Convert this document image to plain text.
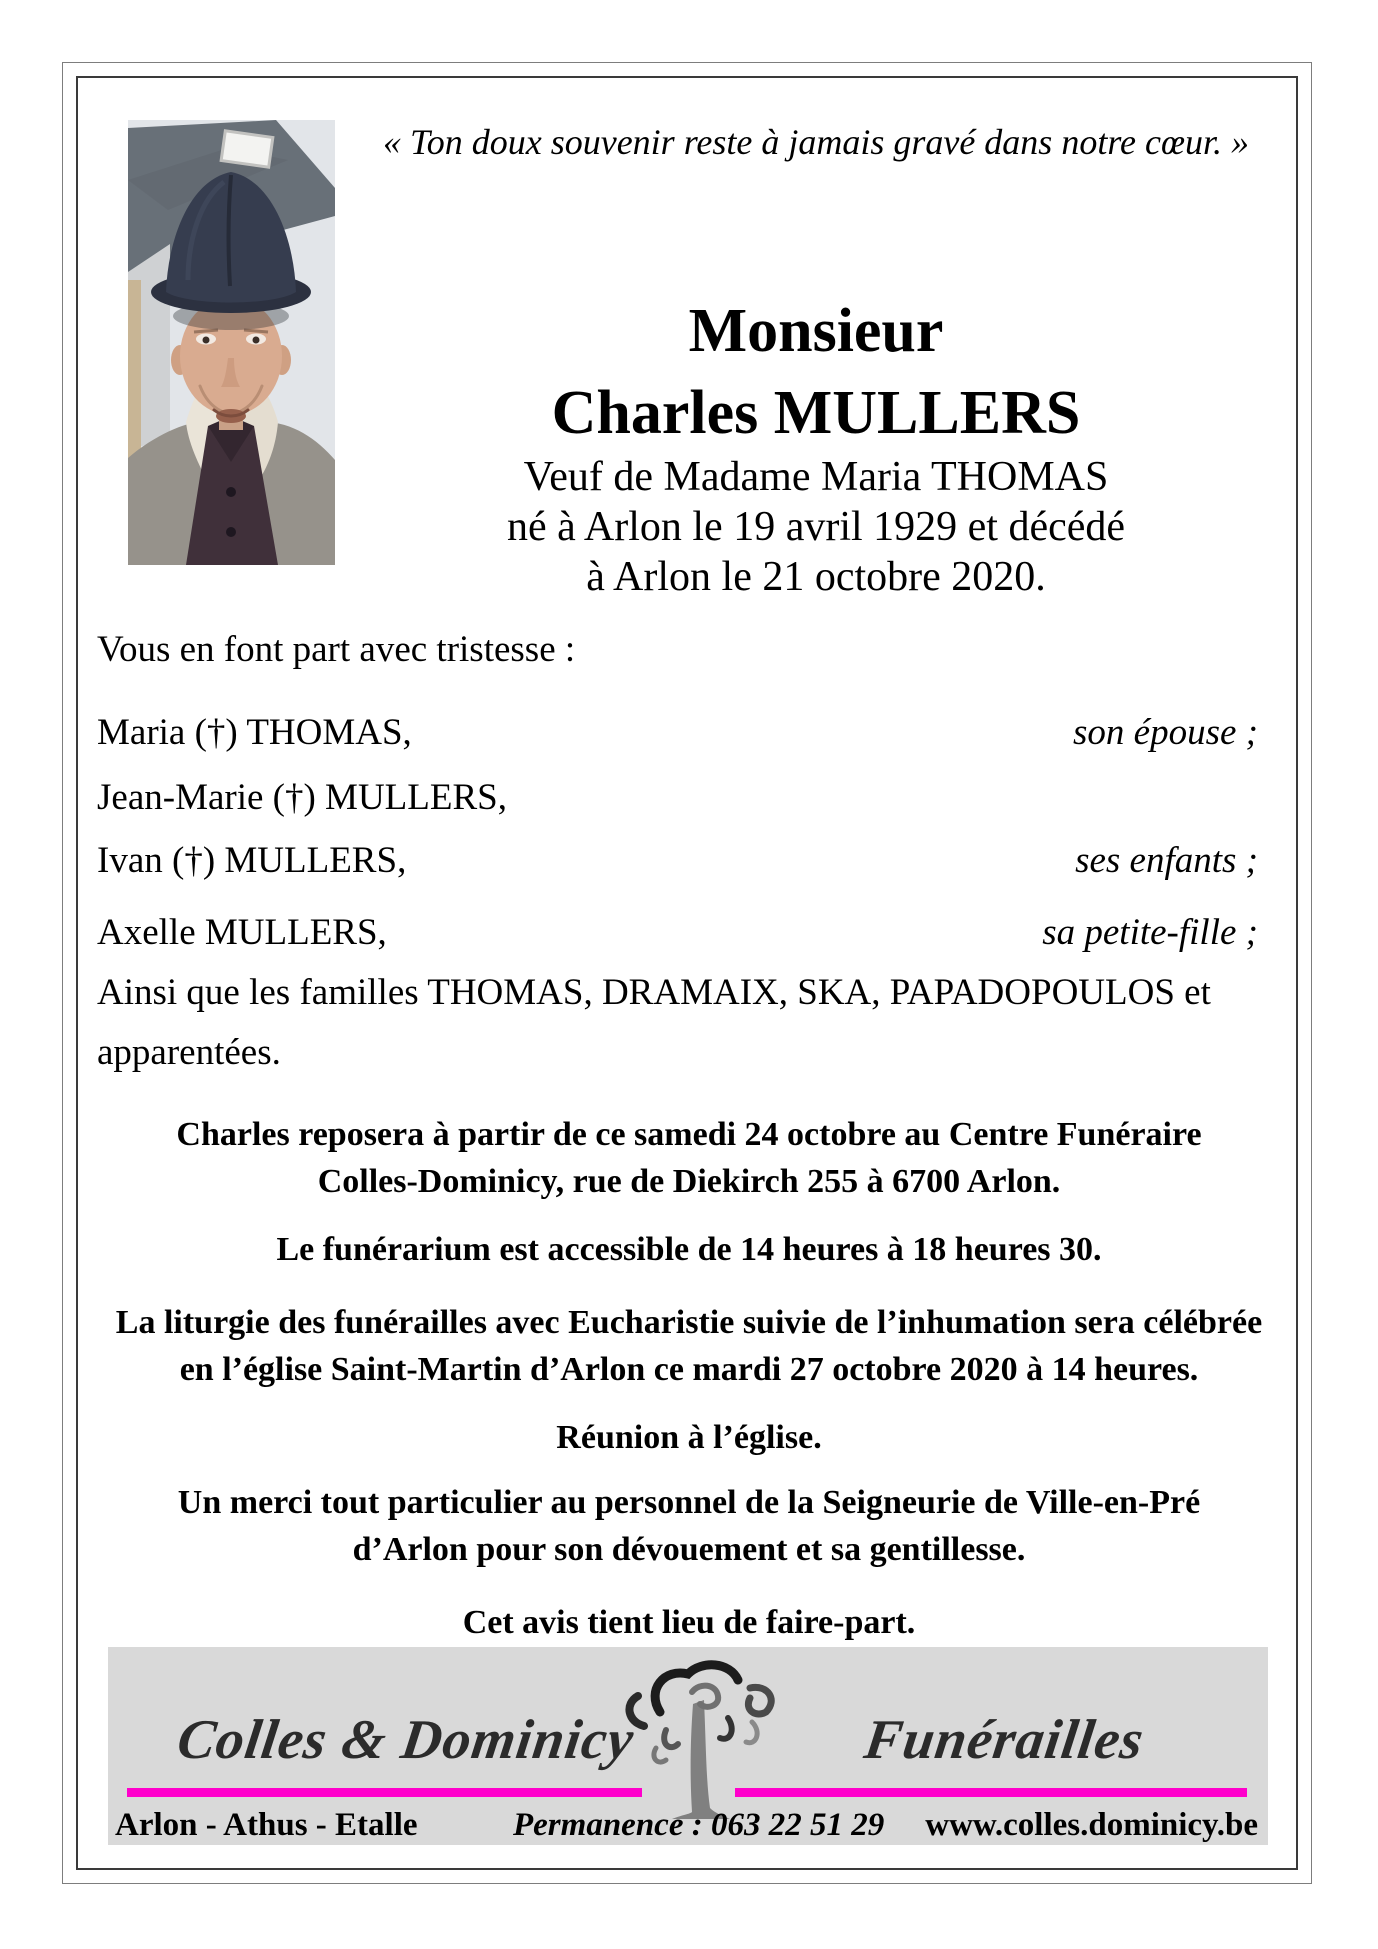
« Ton doux souvenir reste à jamais gravé dans notre cœur. »
Monsieur
Charles MULLERS
Veuf de Madame Maria THOMAS
né à Arlon le 19 avril 1929 et décédé
à Arlon le 21 octobre 2020.
Vous en font part avec tristesse :
Maria (†) THOMAS,	son épouse ;
Jean-Marie (†) MULLERS,
Ivan (†) MULLERS,	ses enfants ;
Axelle MULLERS,	sa petite-fille ;
Ainsi que les familles THOMAS, DRAMAIX, SKA, PAPADOPOULOS et
apparentées.
Charles reposera à partir de ce samedi 24 octobre au Centre Funéraire
Colles-Dominicy, rue de Diekirch 255 à 6700 Arlon.
Le funérarium est accessible de 14 heures à 18 heures 30.
La liturgie des funérailles avec Eucharistie suivie de l’inhumation sera célébrée
en l’église Saint-Martin d’Arlon ce mardi 27 octobre 2020 à 14 heures.
Réunion à l’église.
Un merci tout particulier au personnel de la Seigneurie de Ville-en-Pré
d’Arlon pour son dévouement et sa gentillesse.
Cet avis tient lieu de faire-part.
Colles & Dominicy	Funérailles
Arlon - Athus - Etalle	Permanence : 063 22 51 29 www.colles.dominicy.be
